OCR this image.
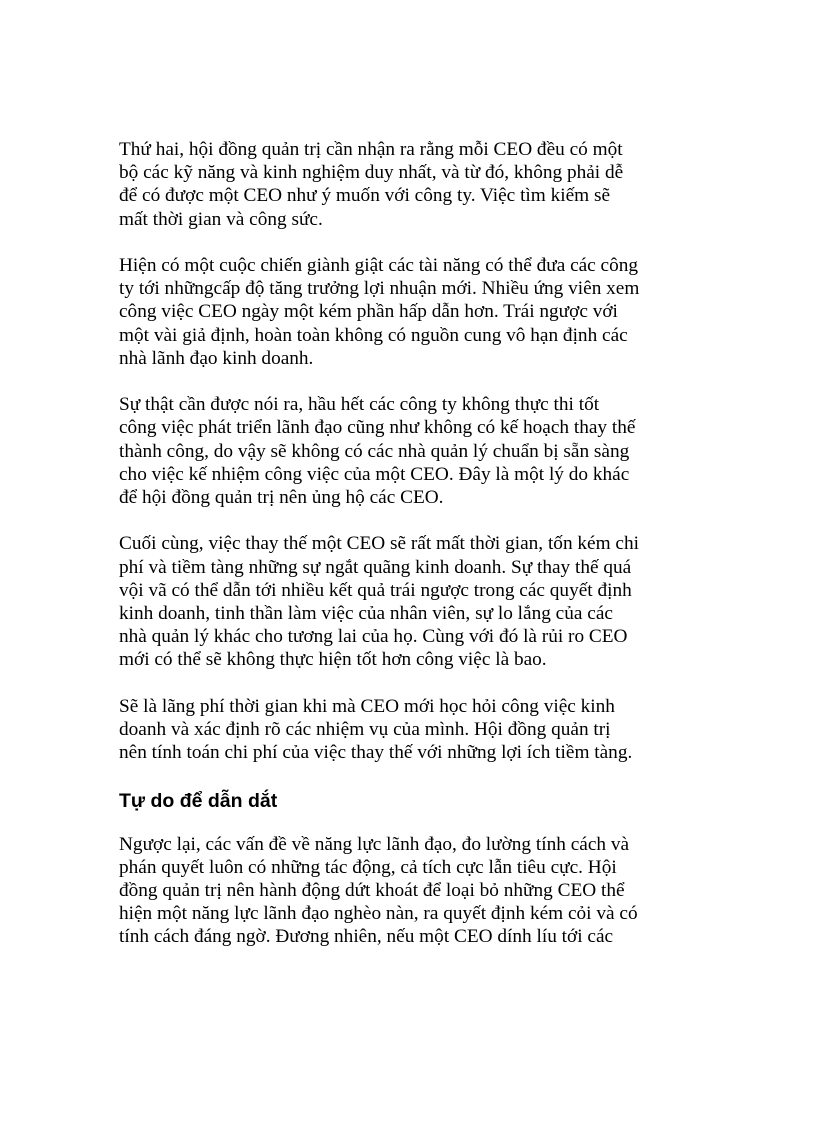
Thứ hai, hội đồng quản trị cần nhận ra rằng mỗi CEO đều có một
bộ các kỹ năng và kinh nghiệm duy nhất, và từ đó, không phải dễ
để có được một CEO như ý muốn với công ty. Việc tìm kiếm sẽ
mất thời gian và công sức.
Hiện có một cuộc chiến giành giật các tài năng có thể đưa các công
ty tới nhữngcấp độ tăng trưởng lợi nhuận mới. Nhiều ứng viên xem
công việc CEO ngày một kém phần hấp dẫn hơn. Trái ngược với
một vài giả định, hoàn toàn không có nguồn cung vô hạn định các
nhà lãnh đạo kinh doanh.
Sự thật cần được nói ra, hầu hết các công ty không thực thi tốt
công việc phát triển lãnh đạo cũng như không có kế hoạch thay thế
thành công, do vậy sẽ không có các nhà quản lý chuẩn bị sẵn sàng
cho việc kế nhiệm công việc của một CEO. Đây là một lý do khác
để hội đồng quản trị nên ủng hộ các CEO.
Cuối cùng, việc thay thế một CEO sẽ rất mất thời gian, tốn kém chi
phí và tiềm tàng những sự ngắt quãng kinh doanh. Sự thay thế quá
vội vã có thể dẫn tới nhiều kết quả trái ngược trong các quyết định
kinh doanh, tinh thần làm việc của nhân viên, sự lo lắng của các
nhà quản lý khác cho tương lai của họ. Cùng với đó là rủi ro CEO
mới có thể sẽ không thực hiện tốt hơn công việc là bao.
Sẽ là lãng phí thời gian khi mà CEO mới học hỏi công việc kinh
doanh và xác định rõ các nhiệm vụ của mình. Hội đồng quản trị
nên tính toán chi phí của việc thay thế với những lợi ích tiềm tàng.
Tự do để dẫn dắt
Ngược lại, các vấn đề về năng lực lãnh đạo, đo lường tính cách và
phán quyết luôn có những tác động, cả tích cực lẫn tiêu cực. Hội
đồng quản trị nên hành động dứt khoát để loại bỏ những CEO thể
hiện một năng lực lãnh đạo nghèo nàn, ra quyết định kém cỏi và có
tính cách đáng ngờ. Đương nhiên, nếu một CEO dính líu tới các
